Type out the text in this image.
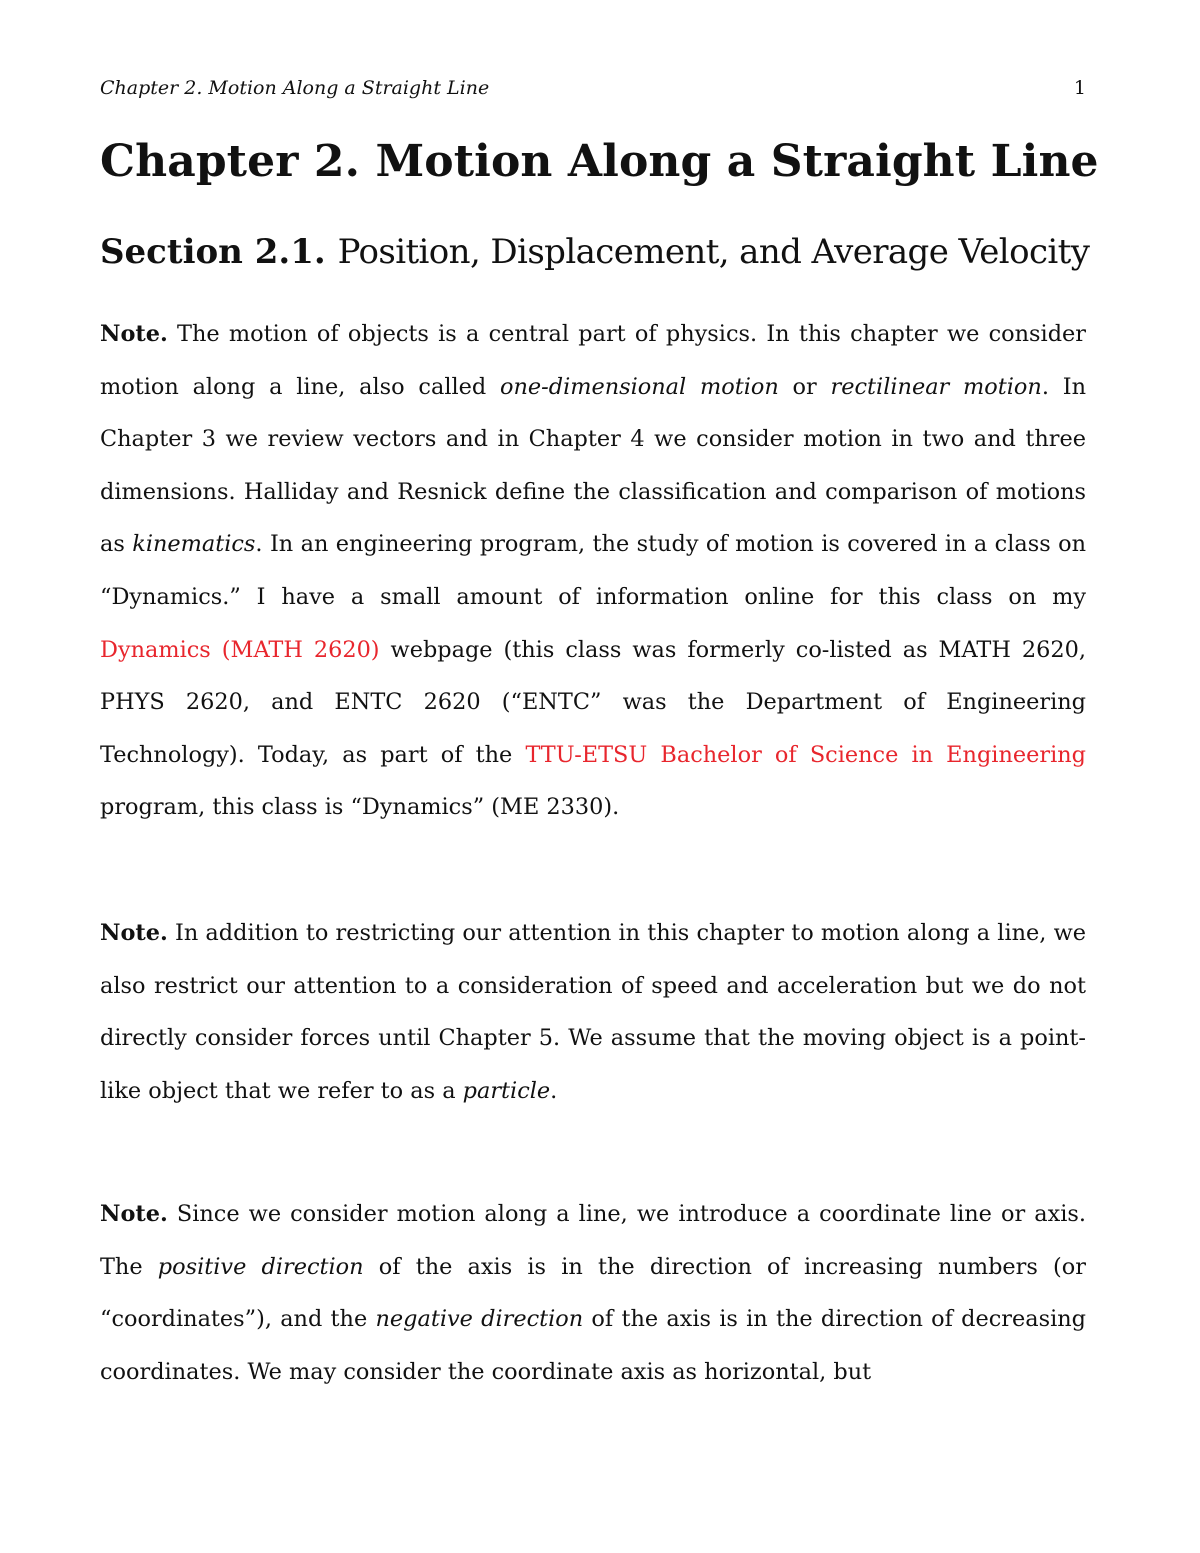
Chapter 2. Motion Along a Straight Line	1
Chapter 2. Motion Along a Straight Line
Section 2.1. Position, Displacement, and Average Velocity

Note. The motion of objects is a central part of physics. In this chapter we consider motion along a line, also called one-dimensional motion or rectilinear motion. In Chapter 3 we review vectors and in Chapter 4 we consider motion in two and three dimensions. Halliday and Resnick define the classification and comparison of motions as kinematics. In an engineering program, the study of motion is covered in a class on “Dynamics.” I have a small amount of information online for this class on my Dynamics (MATH 2620) webpage (this class was formerly co-listed as MATH 2620, PHYS 2620, and ENTC 2620 (“ENTC” was the Department of Engineering Technology). Today, as part of the TTU-ETSU Bachelor of Science in Engineering program, this class is “Dynamics” (ME 2330).

Note. In addition to restricting our attention in this chapter to motion along a line, we also restrict our attention to a consideration of speed and acceleration but we do not directly consider forces until Chapter 5. We assume that the moving object is a point-like object that we refer to as a particle.

Note. Since we consider motion along a line, we introduce a coordinate line or axis. The positive direction of the axis is in the direction of increasing numbers (or “coordinates”), and the negative direction of the axis is in the direction of decreasing coordinates. We may consider the coordinate axis as horizontal, but
